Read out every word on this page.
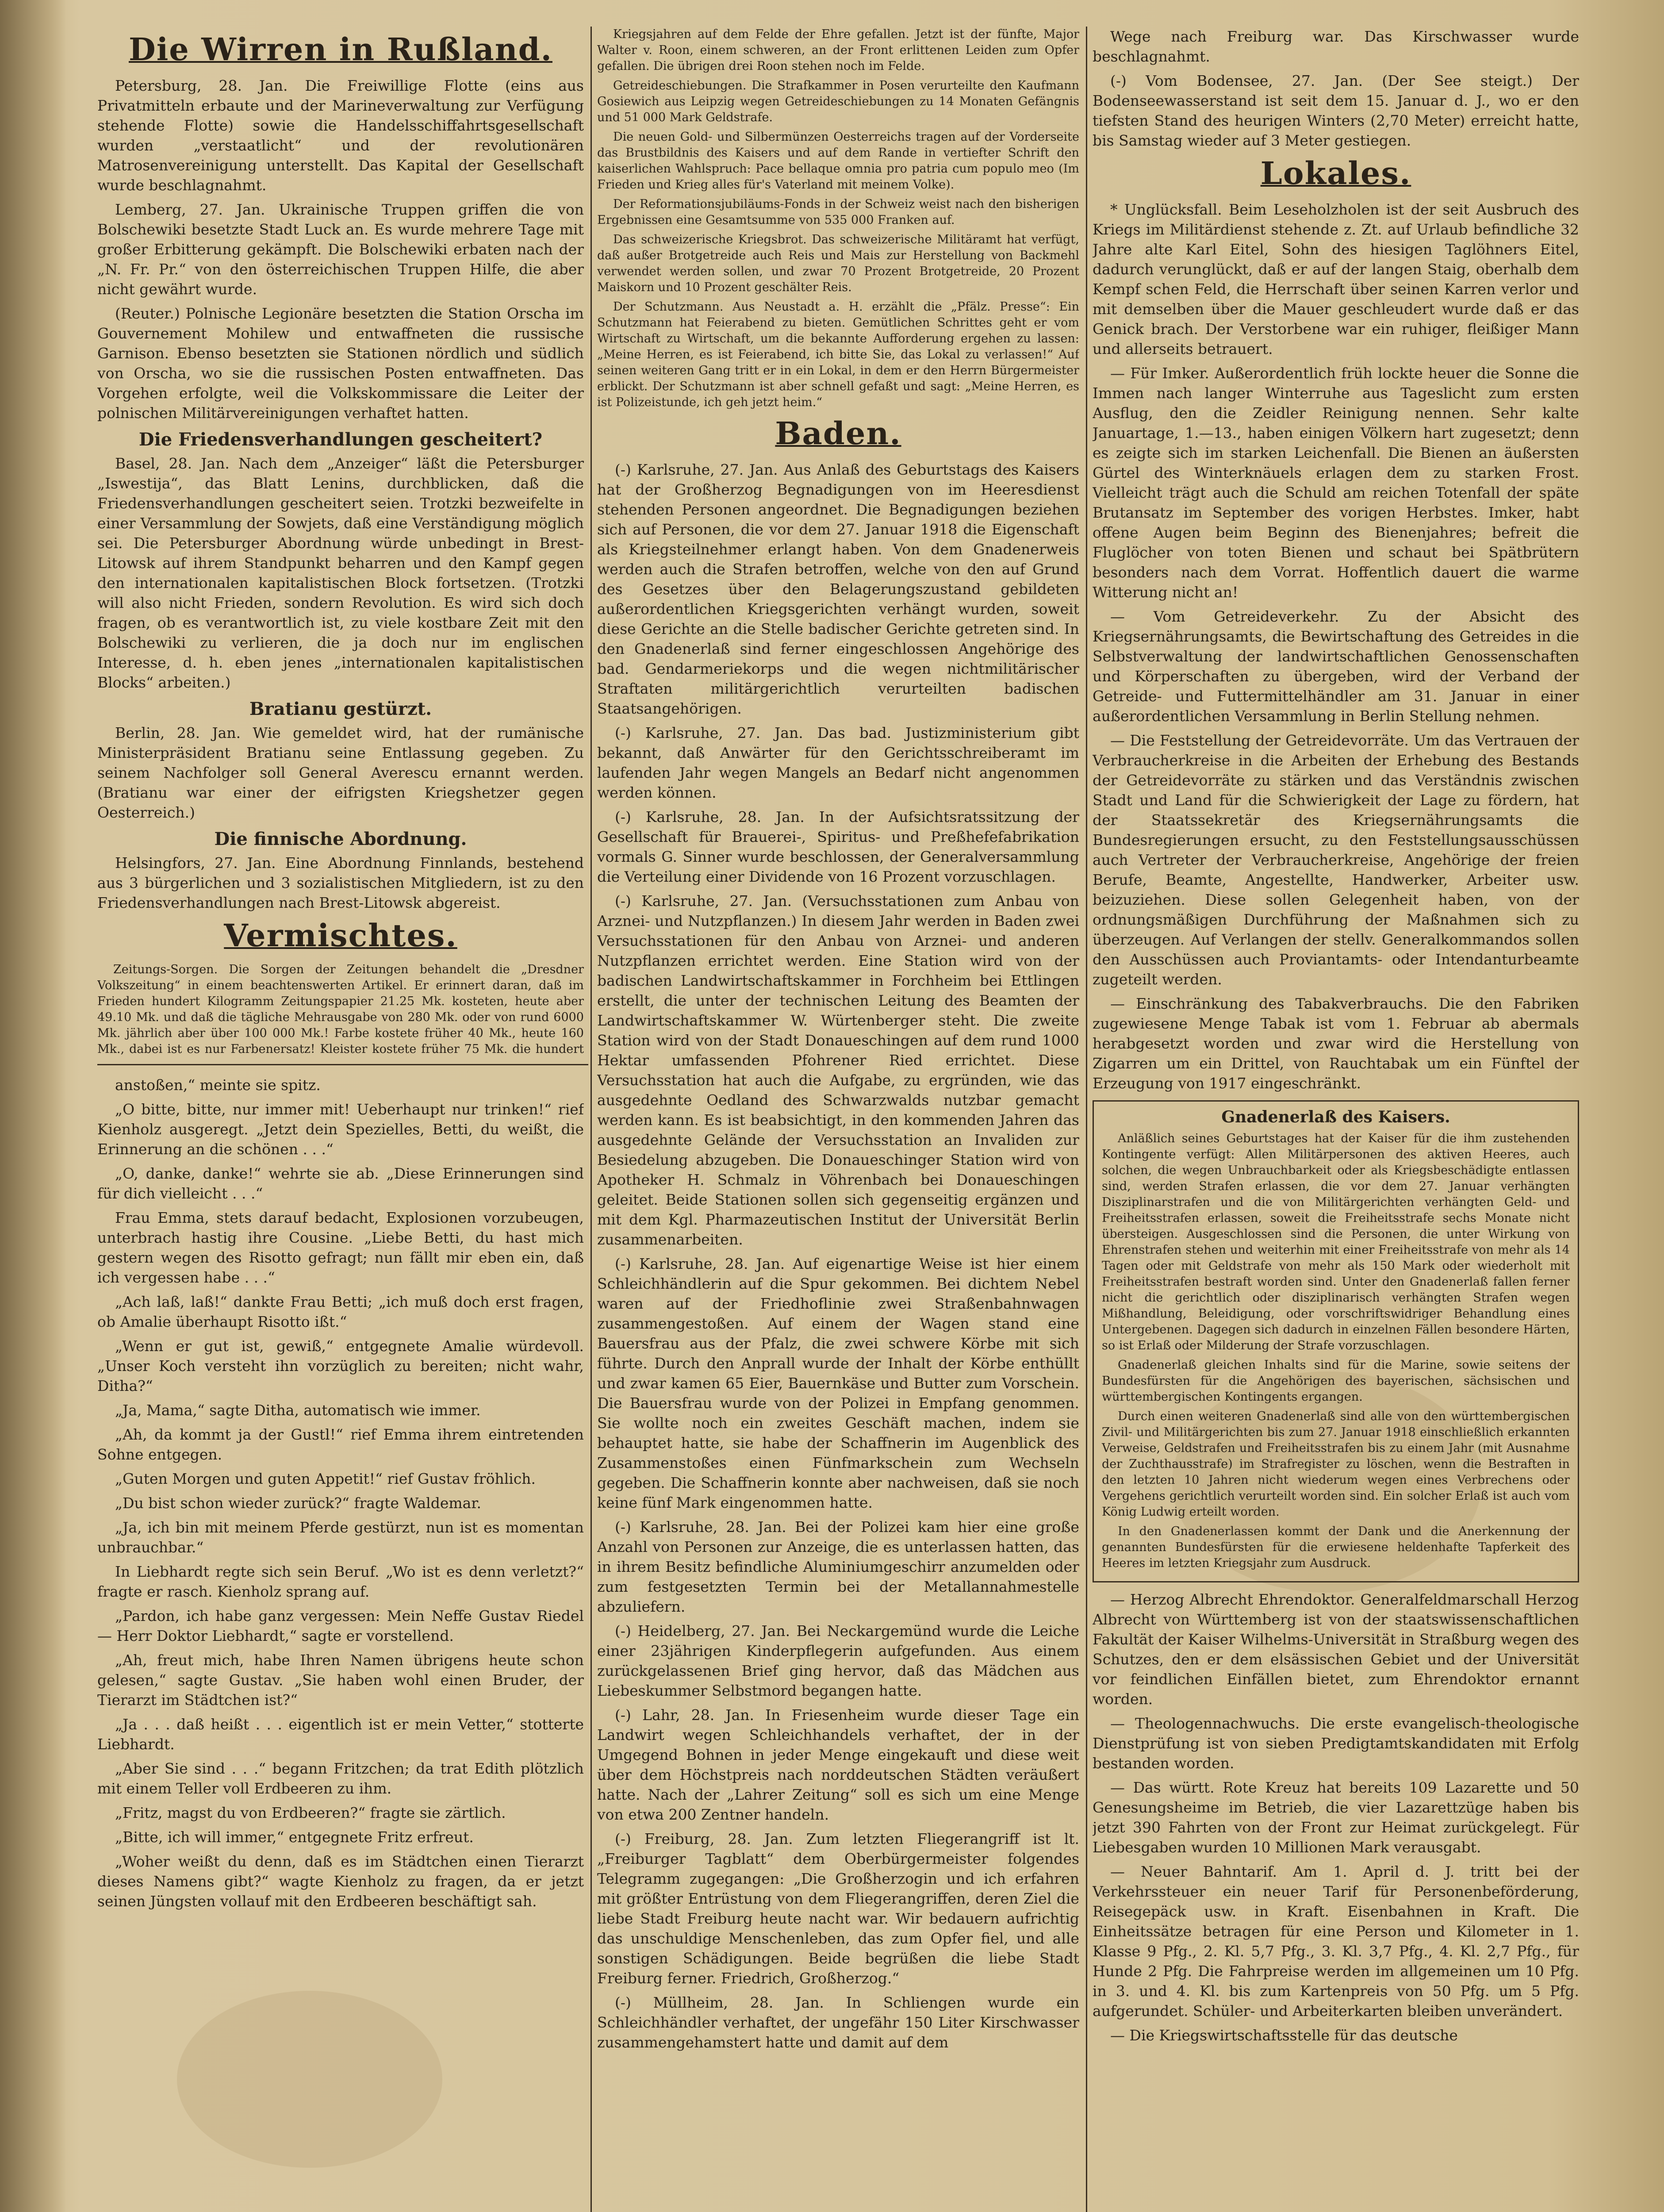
Die Wirren in Rußland.

Petersburg, 28. Jan. Die Freiwillige Flotte (eins aus Privatmitteln erbaute und der Marineverwaltung zur Verfügung stehende Flotte) sowie die Handelsschiffahrtsgesellschaft wurden „verstaatlicht“ und der revolutionären Matrosenvereinigung unterstellt. Das Kapital der Gesellschaft wurde beschlagnahmt.

Lemberg, 27. Jan. Ukrainische Truppen griffen die von Bolschewiki besetzte Stadt Luck an. Es wurde mehrere Tage mit großer Erbitterung gekämpft. Die Bolschewiki erbaten nach der „N. Fr. Pr.“ von den österreichischen Truppen Hilfe, die aber nicht gewährt wurde.

(Reuter.) Polnische Legionäre besetzten die Station Orscha im Gouvernement Mohilew und entwaffneten die russische Garnison. Ebenso besetzten sie Stationen nördlich und südlich von Orscha, wo sie die russischen Posten entwaffneten. Das Vorgehen erfolgte, weil die Volkskommissare die Leiter der polnischen Militärvereinigungen verhaftet hatten.

Die Friedensverhandlungen gescheitert?

Basel, 28. Jan. Nach dem „Anzeiger“ läßt die Petersburger „Iswestija“, das Blatt Lenins, durchblicken, daß die Friedensverhandlungen gescheitert seien. Trotzki bezweifelte in einer Versammlung der Sowjets, daß eine Verständigung möglich sei. Die Petersburger Abordnung würde unbedingt in Brest-Litowsk auf ihrem Standpunkt beharren und den Kampf gegen den internationalen kapitalistischen Block fortsetzen. (Trotzki will also nicht Frieden, sondern Revolution. Es wird sich doch fragen, ob es verantwortlich ist, zu viele kostbare Zeit mit den Bolschewiki zu verlieren, die ja doch nur im englischen Interesse, d. h. eben jenes „internationalen kapitalistischen Blocks“ arbeiten.)

Bratianu gestürzt.

Berlin, 28. Jan. Wie gemeldet wird, hat der rumänische Ministerpräsident Bratianu seine Entlassung gegeben. Zu seinem Nachfolger soll General Averescu ernannt werden. (Bratianu war einer der eifrigsten Kriegshetzer gegen Oesterreich.)

Die finnische Abordnung.

Helsingfors, 27. Jan. Eine Abordnung Finnlands, bestehend aus 3 bürgerlichen und 3 sozialistischen Mitgliedern, ist zu den Friedensverhandlungen nach Brest-Litowsk abgereist.

Vermischtes.

Zeitungs-Sorgen. Die Sorgen der Zeitungen behandelt die „Dresdner Volkszeitung“ in einem beachtenswerten Artikel. Er erinnert daran, daß im Frieden hundert Kilogramm Zeitungspapier 21.25 Mk. kosteten, heute aber 49.10 Mk. und daß die tägliche Mehrausgabe von 280 Mk. oder von rund 6000 Mk. jährlich aber über 100 000 Mk.! Farbe kostete früher 40 Mk., heute 160 Mk., dabei ist es nur Farbenersatz! Kleister kostete früher 75 Mk. die hundert

anstoßen,“ meinte sie spitz.

„O bitte, bitte, nur immer mit! Ueberhaupt nur trinken!“ rief Kienholz ausgeregt. „Jetzt dein Spezielles, Betti, du weißt, die Erinnerung an die schönen . . .“

„O, danke, danke!“ wehrte sie ab. „Diese Erinnerungen sind für dich vielleicht . . .“

Frau Emma, stets darauf bedacht, Explosionen vorzubeugen, unterbrach hastig ihre Cousine. „Liebe Betti, du hast mich gestern wegen des Risotto gefragt; nun fällt mir eben ein, daß ich vergessen habe . . .“

„Ach laß, laß!“ dankte Frau Betti; „ich muß doch erst fragen, ob Amalie überhaupt Risotto ißt.“

„Wenn er gut ist, gewiß,“ entgegnete Amalie würdevoll. „Unser Koch versteht ihn vorzüglich zu bereiten; nicht wahr, Ditha?“

„Ja, Mama,“ sagte Ditha, automatisch wie immer.

„Ah, da kommt ja der Gustl!“ rief Emma ihrem eintretenden Sohne entgegen.

„Guten Morgen und guten Appetit!“ rief Gustav fröhlich.

„Du bist schon wieder zurück?“ fragte Waldemar.

„Ja, ich bin mit meinem Pferde gestürzt, nun ist es momentan unbrauchbar.“

In Liebhardt regte sich sein Beruf. „Wo ist es denn verletzt?“ fragte er rasch. Kienholz sprang auf.

„Pardon, ich habe ganz vergessen: Mein Neffe Gustav Riedel — Herr Doktor Liebhardt,“ sagte er vorstellend.

„Ah, freut mich, habe Ihren Namen übrigens heute schon gelesen,“ sagte Gustav. „Sie haben wohl einen Bruder, der Tierarzt im Städtchen ist?“

„Ja . . . daß heißt . . . eigentlich ist er mein Vetter,“ stotterte Liebhardt.

„Aber Sie sind . . .“ begann Fritzchen; da trat Edith plötzlich mit einem Teller voll Erdbeeren zu ihm.

„Fritz, magst du von Erdbeeren?“ fragte sie zärtlich.

„Bitte, ich will immer,“ entgegnete Fritz erfreut.

„Woher weißt du denn, daß es im Städtchen einen Tierarzt dieses Namens gibt?“ wagte Kienholz zu fragen, da er jetzt seinen Jüngsten vollauf mit den Erdbeeren beschäftigt sah.

Kriegsjahren auf dem Felde der Ehre gefallen. Jetzt ist der fünfte, Major Walter v. Roon, einem schweren, an der Front erlittenen Leiden zum Opfer gefallen. Die übrigen drei Roon stehen noch im Felde.

Getreideschiebungen. Die Strafkammer in Posen verurteilte den Kaufmann Gosiewich aus Leipzig wegen Getreideschiebungen zu 14 Monaten Gefängnis und 51 000 Mark Geldstrafe.

Die neuen Gold- und Silbermünzen Oesterreichs tragen auf der Vorderseite das Brustbildnis des Kaisers und auf dem Rande in vertiefter Schrift den kaiserlichen Wahlspruch: Pace bellaque omnia pro patria cum populo meo (Im Frieden und Krieg alles für's Vaterland mit meinem Volke).

Der Reformationsjubiläums-Fonds in der Schweiz weist nach den bisherigen Ergebnissen eine Gesamtsumme von 535 000 Franken auf.

Das schweizerische Kriegsbrot. Das schweizerische Militäramt hat verfügt, daß außer Brotgetreide auch Reis und Mais zur Herstellung von Backmehl verwendet werden sollen, und zwar 70 Prozent Brotgetreide, 20 Prozent Maiskorn und 10 Prozent geschälter Reis.

Der Schutzmann. Aus Neustadt a. H. erzählt die „Pfälz. Presse“: Ein Schutzmann hat Feierabend zu bieten. Gemütlichen Schrittes geht er vom Wirtschaft zu Wirtschaft, um die bekannte Aufforderung ergehen zu lassen: „Meine Herren, es ist Feierabend, ich bitte Sie, das Lokal zu verlassen!“ Auf seinen weiteren Gang tritt er in ein Lokal, in dem er den Herrn Bürgermeister erblickt. Der Schutzmann ist aber schnell gefaßt und sagt: „Meine Herren, es ist Polizeistunde, ich geh jetzt heim.“

Baden.

(-) Karlsruhe, 27. Jan. Aus Anlaß des Geburtstags des Kaisers hat der Großherzog Begnadigungen von im Heeresdienst stehenden Personen angeordnet. Die Begnadigungen beziehen sich auf Personen, die vor dem 27. Januar 1918 die Eigenschaft als Kriegsteilnehmer erlangt haben. Von dem Gnadenerweis werden auch die Strafen betroffen, welche von den auf Grund des Gesetzes über den Belagerungszustand gebildeten außerordentlichen Kriegsgerichten verhängt wurden, soweit diese Gerichte an die Stelle badischer Gerichte getreten sind. In den Gnadenerlaß sind ferner eingeschlossen Angehörige des bad. Gendarmeriekorps und die wegen nichtmilitärischer Straftaten militärgerichtlich verurteilten badischen Staatsangehörigen.

(-) Karlsruhe, 27. Jan. Das bad. Justizministerium gibt bekannt, daß Anwärter für den Gerichtsschreiberamt im laufenden Jahr wegen Mangels an Bedarf nicht angenommen werden können.

(-) Karlsruhe, 28. Jan. In der Aufsichtsratssitzung der Gesellschaft für Brauerei-, Spiritus- und Preßhefefabrikation vormals G. Sinner wurde beschlossen, der Generalversammlung die Verteilung einer Dividende von 16 Prozent vorzuschlagen.

(-) Karlsruhe, 27. Jan. (Versuchsstationen zum Anbau von Arznei- und Nutzpflanzen.) In diesem Jahr werden in Baden zwei Versuchsstationen für den Anbau von Arznei- und anderen Nutzpflanzen errichtet werden. Eine Station wird von der badischen Landwirtschaftskammer in Forchheim bei Ettlingen erstellt, die unter der technischen Leitung des Beamten der Landwirtschaftskammer W. Würtenberger steht. Die zweite Station wird von der Stadt Donaueschingen auf dem rund 1000 Hektar umfassenden Pfohrener Ried errichtet. Diese Versuchsstation hat auch die Aufgabe, zu ergründen, wie das ausgedehnte Oedland des Schwarzwalds nutzbar gemacht werden kann. Es ist beabsichtigt, in den kommenden Jahren das ausgedehnte Gelände der Versuchsstation an Invaliden zur Besiedelung abzugeben. Die Donaueschinger Station wird von Apotheker H. Schmalz in Vöhrenbach bei Donaueschingen geleitet. Beide Stationen sollen sich gegenseitig ergänzen und mit dem Kgl. Pharmazeutischen Institut der Universität Berlin zusammenarbeiten.

(-) Karlsruhe, 28. Jan. Auf eigenartige Weise ist hier einem Schleichhändlerin auf die Spur gekommen. Bei dichtem Nebel waren auf der Friedhoflinie zwei Straßenbahnwagen zusammengestoßen. Auf einem der Wagen stand eine Bauersfrau aus der Pfalz, die zwei schwere Körbe mit sich führte. Durch den Anprall wurde der Inhalt der Körbe enthüllt und zwar kamen 65 Eier, Bauernkäse und Butter zum Vorschein. Die Bauersfrau wurde von der Polizei in Empfang genommen. Sie wollte noch ein zweites Geschäft machen, indem sie behauptet hatte, sie habe der Schaffnerin im Augenblick des Zusammenstoßes einen Fünfmarkschein zum Wechseln gegeben. Die Schaffnerin konnte aber nachweisen, daß sie noch keine fünf Mark eingenommen hatte.

(-) Karlsruhe, 28. Jan. Bei der Polizei kam hier eine große Anzahl von Personen zur Anzeige, die es unterlassen hatten, das in ihrem Besitz befindliche Aluminiumgeschirr anzumelden oder zum festgesetzten Termin bei der Metallannahmestelle abzuliefern.

(-) Heidelberg, 27. Jan. Bei Neckargemünd wurde die Leiche einer 23jährigen Kinderpflegerin aufgefunden. Aus einem zurückgelassenen Brief ging hervor, daß das Mädchen aus Liebeskummer Selbstmord begangen hatte.

(-) Lahr, 28. Jan. In Friesenheim wurde dieser Tage ein Landwirt wegen Schleichhandels verhaftet, der in der Umgegend Bohnen in jeder Menge eingekauft und diese weit über dem Höchstpreis nach norddeutschen Städten veräußert hatte. Nach der „Lahrer Zeitung“ soll es sich um eine Menge von etwa 200 Zentner handeln.

(-) Freiburg, 28. Jan. Zum letzten Fliegerangriff ist lt. „Freiburger Tagblatt“ dem Oberbürgermeister folgendes Telegramm zugegangen: „Die Großherzogin und ich erfahren mit größter Entrüstung von dem Fliegerangriffen, deren Ziel die liebe Stadt Freiburg heute nacht war. Wir bedauern aufrichtig das unschuldige Menschenleben, das zum Opfer fiel, und alle sonstigen Schädigungen. Beide begrüßen die liebe Stadt Freiburg ferner. Friedrich, Großherzog.“

(-) Müllheim, 28. Jan. In Schliengen wurde ein Schleichhändler verhaftet, der ungefähr 150 Liter Kirschwasser zusammengehamstert hatte und damit auf dem

Wege nach Freiburg war. Das Kirschwasser wurde beschlagnahmt.

(-) Vom Bodensee, 27. Jan. (Der See steigt.) Der Bodenseewasserstand ist seit dem 15. Januar d. J., wo er den tiefsten Stand des heurigen Winters (2,70 Meter) erreicht hatte, bis Samstag wieder auf 3 Meter gestiegen.

Lokales.

* Unglücksfall. Beim Leseholzholen ist der seit Ausbruch des Kriegs im Militärdienst stehende z. Zt. auf Urlaub befindliche 32 Jahre alte Karl Eitel, Sohn des hiesigen Taglöhners Eitel, dadurch verunglückt, daß er auf der langen Staig, oberhalb dem Kempf schen Feld, die Herrschaft über seinen Karren verlor und mit demselben über die Mauer geschleudert wurde daß er das Genick brach. Der Verstorbene war ein ruhiger, fleißiger Mann und allerseits betrauert.

— Für Imker. Außerordentlich früh lockte heuer die Sonne die Immen nach langer Winterruhe aus Tageslicht zum ersten Ausflug, den die Zeidler Reinigung nennen. Sehr kalte Januartage, 1.—13., haben einigen Völkern hart zugesetzt; denn es zeigte sich im starken Leichenfall. Die Bienen an äußersten Gürtel des Winterknäuels erlagen dem zu starken Frost. Vielleicht trägt auch die Schuld am reichen Totenfall der späte Brutansatz im September des vorigen Herbstes. Imker, habt offene Augen beim Beginn des Bienenjahres; befreit die Fluglöcher von toten Bienen und schaut bei Spätbrütern besonders nach dem Vorrat. Hoffentlich dauert die warme Witterung nicht an!

— Vom Getreideverkehr. Zu der Absicht des Kriegsernährungsamts, die Bewirtschaftung des Getreides in die Selbstverwaltung der landwirtschaftlichen Genossenschaften und Körperschaften zu übergeben, wird der Verband der Getreide- und Futtermittelhändler am 31. Januar in einer außerordentlichen Versammlung in Berlin Stellung nehmen.

— Die Feststellung der Getreidevorräte. Um das Vertrauen der Verbraucherkreise in die Arbeiten der Erhebung des Bestands der Getreidevorräte zu stärken und das Verständnis zwischen Stadt und Land für die Schwierigkeit der Lage zu fördern, hat der Staatssekretär des Kriegsernährungsamts die Bundesregierungen ersucht, zu den Feststellungsausschüssen auch Vertreter der Verbraucherkreise, Angehörige der freien Berufe, Beamte, Angestellte, Handwerker, Arbeiter usw. beizuziehen. Diese sollen Gelegenheit haben, von der ordnungsmäßigen Durchführung der Maßnahmen sich zu überzeugen. Auf Verlangen der stellv. Generalkommandos sollen den Ausschüssen auch Proviantamts- oder Intendanturbeamte zugeteilt werden.

— Einschränkung des Tabakverbrauchs. Die den Fabriken zugewiesene Menge Tabak ist vom 1. Februar ab abermals herabgesetzt worden und zwar wird die Herstellung von Zigarren um ein Drittel, von Rauchtabak um ein Fünftel der Erzeugung von 1917 eingeschränkt.

Gnadenerlaß des Kaisers.

Anläßlich seines Geburtstages hat der Kaiser für die ihm zustehenden Kontingente verfügt: Allen Militärpersonen des aktiven Heeres, auch solchen, die wegen Unbrauchbarkeit oder als Kriegsbeschädigte entlassen sind, werden Strafen erlassen, die vor dem 27. Januar verhängten Disziplinarstrafen und die von Militärgerichten verhängten Geld- und Freiheitsstrafen erlassen, soweit die Freiheitsstrafe sechs Monate nicht übersteigen. Ausgeschlossen sind die Personen, die unter Wirkung von Ehrenstrafen stehen und weiterhin mit einer Freiheitsstrafe von mehr als 14 Tagen oder mit Geldstrafe von mehr als 150 Mark oder wiederholt mit Freiheitsstrafen bestraft worden sind. Unter den Gnadenerlaß fallen ferner nicht die gerichtlich oder disziplinarisch verhängten Strafen wegen Mißhandlung, Beleidigung, oder vorschriftswidriger Behandlung eines Untergebenen. Dagegen sich dadurch in einzelnen Fällen besondere Härten, so ist Erlaß oder Milderung der Strafe vorzuschlagen.

Gnadenerlaß gleichen Inhalts sind für die Marine, sowie seitens der Bundesfürsten für die Angehörigen des bayerischen, sächsischen und württembergischen Kontingents ergangen.

Durch einen weiteren Gnadenerlaß sind alle von den württembergischen Zivil- und Militärgerichten bis zum 27. Januar 1918 einschließlich erkannten Verweise, Geldstrafen und Freiheitsstrafen bis zu einem Jahr (mit Ausnahme der Zuchthausstrafe) im Strafregister zu löschen, wenn die Bestraften in den letzten 10 Jahren nicht wiederum wegen eines Verbrechens oder Vergehens gerichtlich verurteilt worden sind. Ein solcher Erlaß ist auch vom König Ludwig erteilt worden.

In den Gnadenerlassen kommt der Dank und die Anerkennung der genannten Bundesfürsten für die erwiesene heldenhafte Tapferkeit des Heeres im letzten Kriegsjahr zum Ausdruck.

— Herzog Albrecht Ehrendoktor. Generalfeldmarschall Herzog Albrecht von Württemberg ist von der staatswissenschaftlichen Fakultät der Kaiser Wilhelms-Universität in Straßburg wegen des Schutzes, den er dem elsässischen Gebiet und der Universität vor feindlichen Einfällen bietet, zum Ehrendoktor ernannt worden.

— Theologennachwuchs. Die erste evangelisch-theologische Dienstprüfung ist von sieben Predigtamtskandidaten mit Erfolg bestanden worden.

— Das württ. Rote Kreuz hat bereits 109 Lazarette und 50 Genesungsheime im Betrieb, die vier Lazarettzüge haben bis jetzt 390 Fahrten von der Front zur Heimat zurückgelegt. Für Liebesgaben wurden 10 Millionen Mark verausgabt.

— Neuer Bahntarif. Am 1. April d. J. tritt bei der Verkehrssteuer ein neuer Tarif für Personenbeförderung, Reisegepäck usw. in Kraft. Eisenbahnen in Kraft. Die Einheitssätze betragen für eine Person und Kilometer in 1. Klasse 9 Pfg., 2. Kl. 5,7 Pfg., 3. Kl. 3,7 Pfg., 4. Kl. 2,7 Pfg., für Hunde 2 Pfg. Die Fahrpreise werden im allgemeinen um 10 Pfg. in 3. und 4. Kl. bis zum Kartenpreis von 50 Pfg. um 5 Pfg. aufgerundet. Schüler- und Arbeiterkarten bleiben unverändert.

— Die Kriegswirtschaftsstelle für das deutsche
